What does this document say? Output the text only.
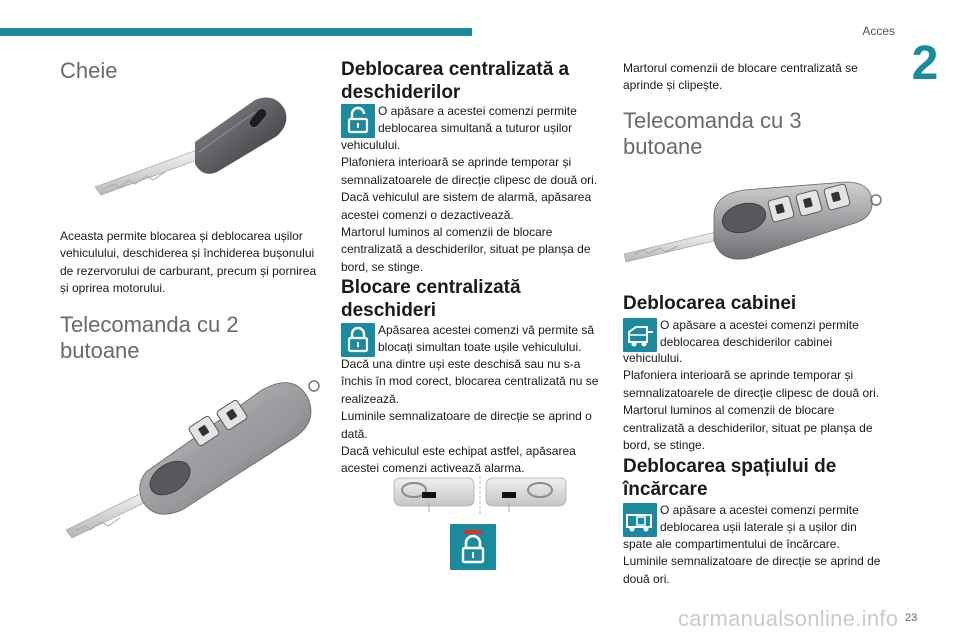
Acces
2
Cheie

Aceasta permite blocarea și deblocarea ușilor vehiculului, deschiderea și închiderea bușonului de rezervorului de carburant, precum și pornirea și oprirea motorului.

Telecomanda cu 2
butoane
Deblocarea centralizată a
deschiderilor
O apăsare a acestei comenzi permite
deblocarea simultană a tuturor ușilor
vehiculului.
Plafoniera interioară se aprinde temporar și semnalizatoarele de direcție clipesc de două ori.
Dacă vehiculul are sistem de alarmă, apăsarea acestei comenzi o dezactivează.
Martorul luminos al comenzii de blocare centralizată a deschiderilor, situat pe planșa de bord, se stinge.
Blocare centralizată
deschideri
Apăsarea acestei comenzi vă permite să
blocați simultan toate ușile vehiculului.
Dacă una dintre uși este deschisă sau nu s-a închis în mod corect, blocarea centralizată nu se realizează.
Luminile semnalizatoare de direcție se aprind o dată.
Dacă vehiculul este echipat astfel, apăsarea acestei comenzi activează alarma.

Martorul comenzii de blocare centralizată se aprinde și clipește.

Telecomanda cu 3
butoane
Deblocarea cabinei
O apăsare a acestei comenzi permite
deblocarea deschiderilor cabinei
vehiculului.
Plafoniera interioară se aprinde temporar și semnalizatoarele de direcție clipesc de două ori.
Martorul luminos al comenzii de blocare centralizată a deschiderilor, situat pe planșa de bord, se stinge.
Deblocarea spațiului de
încărcare
O apăsare a acestei comenzi permite
deblocarea ușii laterale și a ușilor din
spate ale compartimentului de încărcare.
Luminile semnalizatoare de direcție se aprind de două ori.
carmanualsonline.info 23
